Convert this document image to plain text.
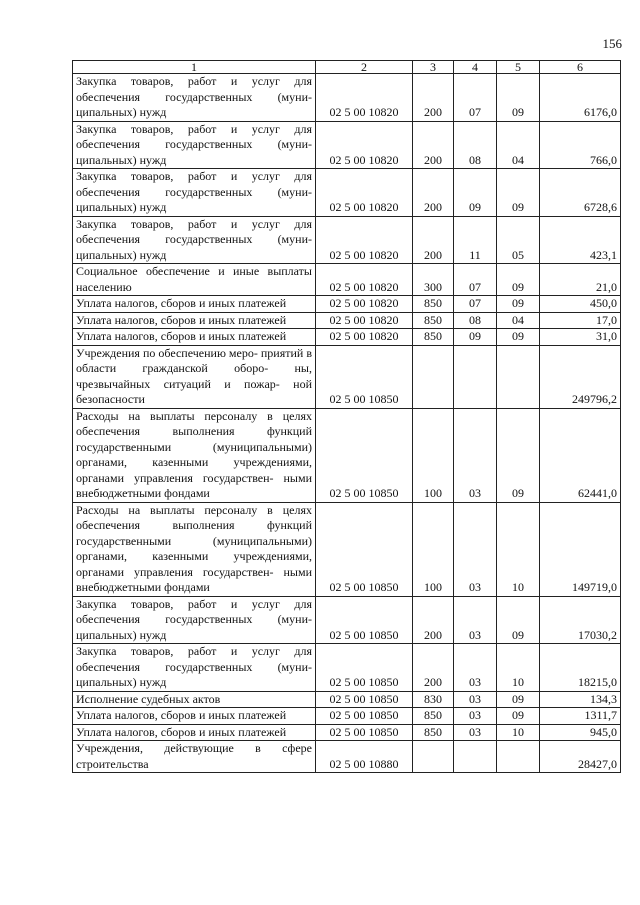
156
1	2	3	4	5	6
Закупка товаров, работ и услуг для обеспечения государственных (муни- ципальных) нужд	02 5 00 10820	200	07	09	6176,0
Закупка товаров, работ и услуг для обеспечения государственных (муни- ципальных) нужд	02 5 00 10820	200	08	04	766,0
Закупка товаров, работ и услуг для обеспечения государственных (муни- ципальных) нужд	02 5 00 10820	200	09	09	6728,6
Закупка товаров, работ и услуг для обеспечения государственных (муни- ципальных) нужд	02 5 00 10820	200	11	05	423,1
Социальное обеспечение и иные выплаты населению	02 5 00 10820	300	07	09	21,0
Уплата налогов, сборов и иных платежей	02 5 00 10820	850	07	09	450,0
Уплата налогов, сборов и иных платежей	02 5 00 10820	850	08	04	17,0
Уплата налогов, сборов и иных платежей	02 5 00 10820	850	09	09	31,0
Учреждения по обеспечению меро- приятий в области гражданской оборо- ны, чрезвычайных ситуаций и пожар- ной безопасности	02 5 00 10850				249796,2
Расходы на выплаты персоналу в целях обеспечения выполнения функций государственными (муниципальными) органами, казенными учреждениями, органами управления государствен- ными внебюджетными фондами	02 5 00 10850	100	03	09	62441,0
Расходы на выплаты персоналу в целях обеспечения выполнения функций государственными (муниципальными) органами, казенными учреждениями, органами управления государствен- ными внебюджетными фондами	02 5 00 10850	100	03	10	149719,0
Закупка товаров, работ и услуг для обеспечения государственных (муни- ципальных) нужд	02 5 00 10850	200	03	09	17030,2
Закупка товаров, работ и услуг для обеспечения государственных (муни- ципальных) нужд	02 5 00 10850	200	03	10	18215,0
Исполнение судебных актов	02 5 00 10850	830	03	09	134,3
Уплата налогов, сборов и иных платежей	02 5 00 10850	850	03	09	1311,7
Уплата налогов, сборов и иных платежей	02 5 00 10850	850	03	10	945,0
Учреждения, действующие в сфере строительства	02 5 00 10880				28427,0
